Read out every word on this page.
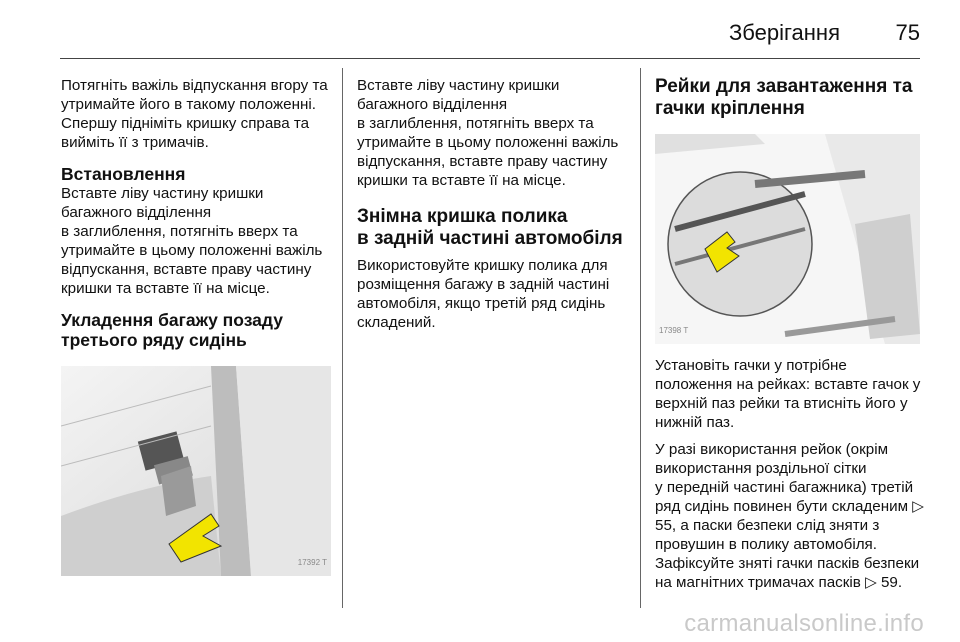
Зберігання	75

Потягніть важіль відпускання вгору та утримайте його в такому положенні. Спершу підніміть кришку справа та вийміть її з тримачів.

Встановлення

Вставте ліву частину кришки багажного відділення

в заглиблення, потягніть вверх та утримайте в цьому положенні важіль відпускання, вставте праву частину кришки та вставте її на місце.

Укладення багажу позаду
третього ряду сидінь
17392 T

Вставте ліву частину кришки багажного відділення

в заглиблення, потягніть вверх та утримайте в цьому положенні важіль відпускання, вставте праву частину кришки та вставте її на місце.

Знімна кришка полика
в задній частині автомобіля

Використовуйте кришку полика для розміщення багажу в задній частині автомобіля, якщо третій ряд сидінь складений.

Рейки для завантаження та гачки кріплення
17398 T

Установіть гачки у потрібне положення на рейках: вставте гачок у верхній паз рейки та втисніть його у нижній паз.

У разі використання рейок (окрім використання роздільної сітки

у передній частині багажника) третій ряд сидінь повинен бути складеним ▷ 55, а паски безпеки слід зняти з провушин в полику автомобіля. Зафіксуйте зняті гачки пасків безпеки на магнітних тримачах пасків ▷ 59.

carmanualsonline.info
